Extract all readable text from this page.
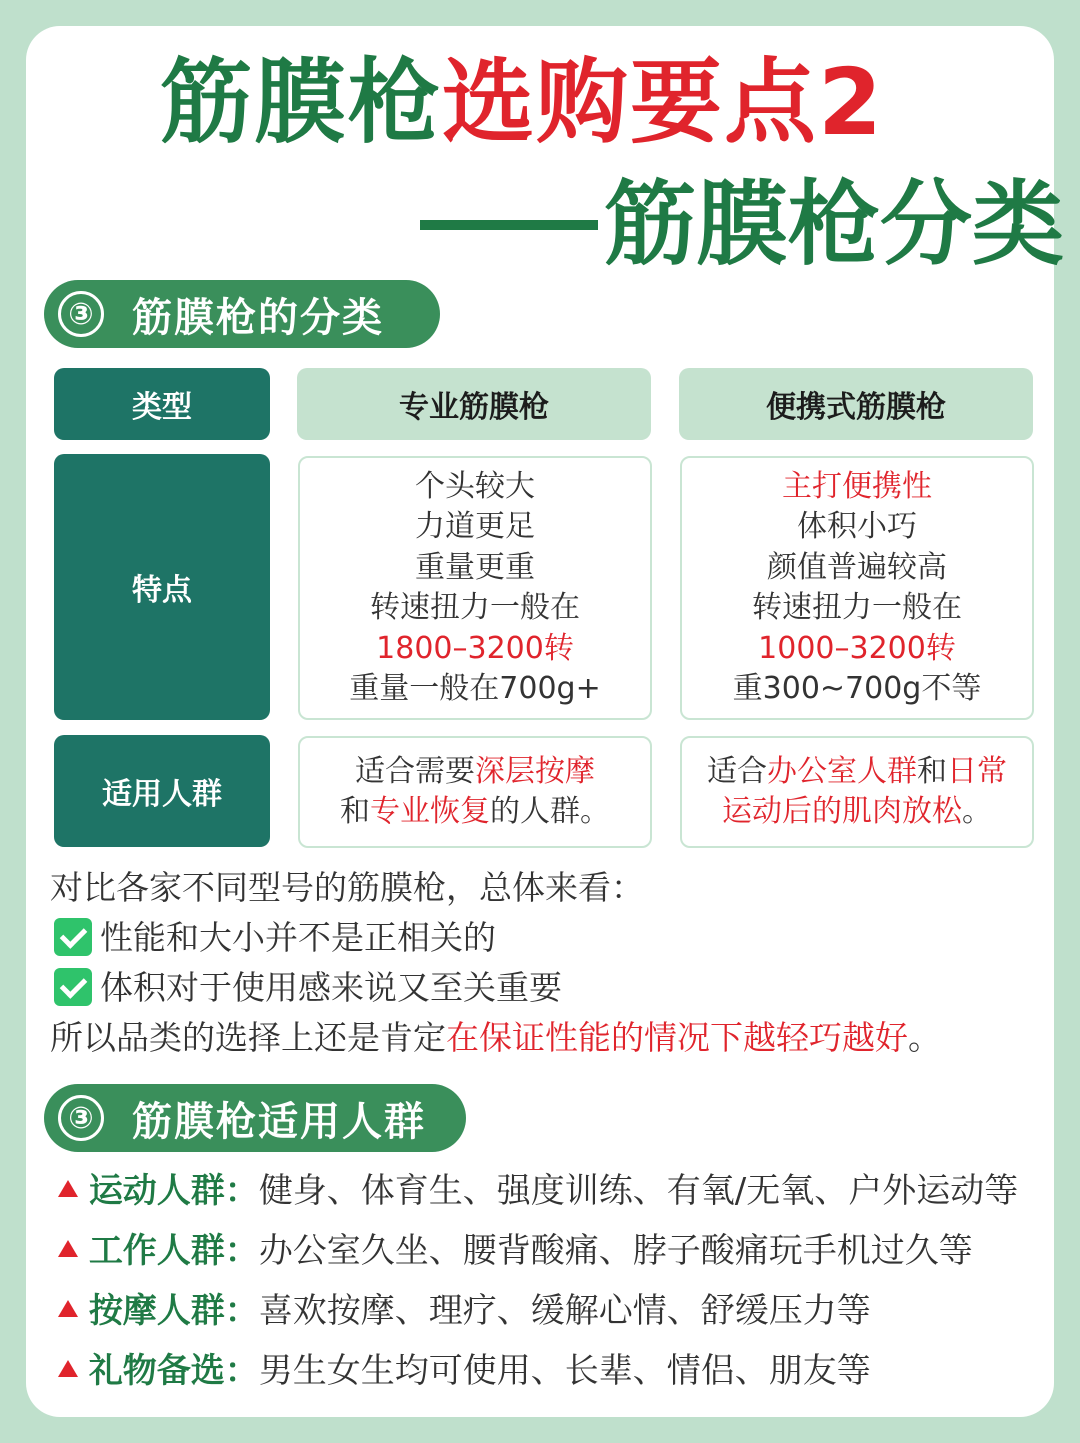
筋膜枪选购要点2
筋膜枪分类
③ 筋膜枪的分类
类型	专业筋膜枪	便携式筋膜枪
特点
个头较大
力道更足
重量更重
转速扭力一般在
1800–3200转
重量一般在700g+
主打便携性
体积小巧
颜值普遍较高
转速扭力一般在
1000–3200转
重300~700g不等
适用人群
适合需要深层按摩
和专业恢复的人群。
适合办公室人群和日常
运动后的肌肉放松。
对比各家不同型号的筋膜枪，总体来看：
性能和大小并不是正相关的
体积对于使用感来说又至关重要
所以品类的选择上还是肯定在保证性能的情况下越轻巧越好。
③ 筋膜枪适用人群
运动人群：健身、体育生、强度训练、有氧/无氧、户外运动等
工作人群：办公室久坐、腰背酸痛、脖子酸痛玩手机过久等
按摩人群：喜欢按摩、理疗、缓解心情、舒缓压力等
礼物备选：男生女生均可使用、长辈、情侣、朋友等
